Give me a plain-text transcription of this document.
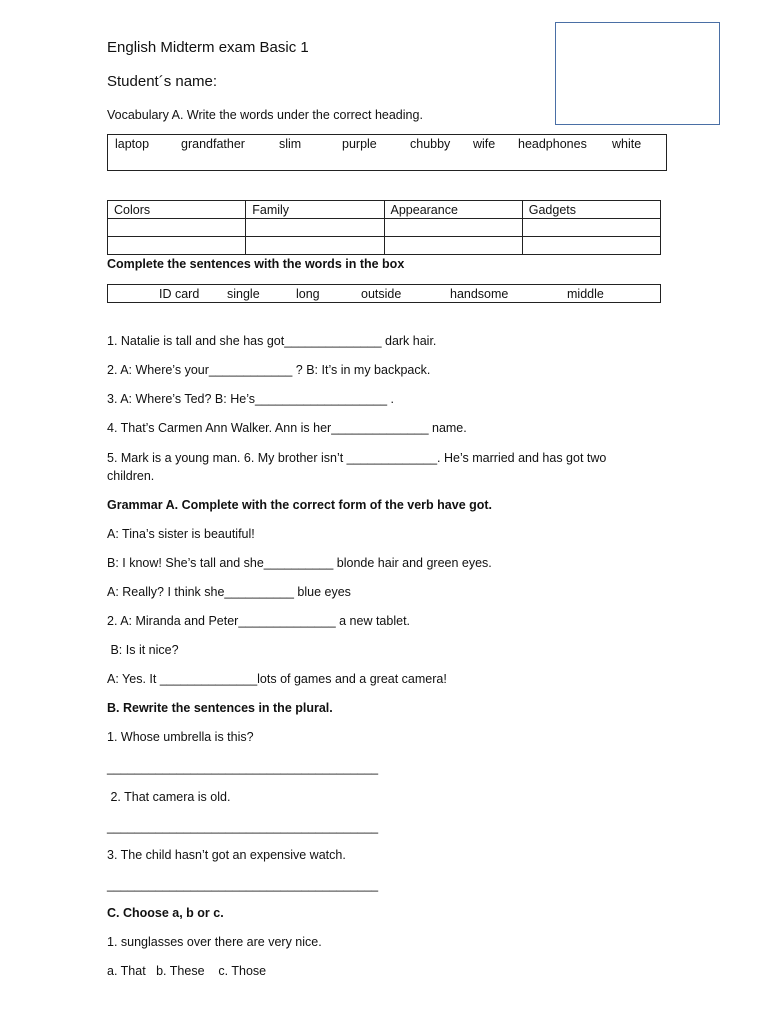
English Midterm exam Basic 1
Student´s name:
Vocabulary A. Write the words under the correct heading.
laptop	grandfather	slim	purple	chubby wife headphones white
Colors	Family	Appearance	Gadgets

Complete the sentences with the words in the box
ID card single	long	outside	handsome	middle
1. Natalie is tall and she has got______________ dark hair.
2. A: Where’s your____________ ? B: It’s in my backpack.
3. A: Where’s Ted? B: He’s___________________ .
4. That’s Carmen Ann Walker. Ann is her______________ name.
5. Mark is a young man. 6. My brother isn’t _____________. He’s married and has got two children.
Grammar A. Complete with the correct form of the verb have got.
A: Tina’s sister is beautiful!
B: I know! She’s tall and she__________ blonde hair and green eyes.
A: Really? I think she__________ blue eyes
2. A: Miranda and Peter______________ a new tablet.
B: Is it nice?
A: Yes. It ______________lots of games and a great camera!
B. Rewrite the sentences in the plural.
1. Whose umbrella is this?
_______________________________________
2. That camera is old.
_______________________________________
3. The child hasn’t got an expensive watch.
_______________________________________
C. Choose a, b or c.
1. sunglasses over there are very nice.
a. That   b. These    c. Those
